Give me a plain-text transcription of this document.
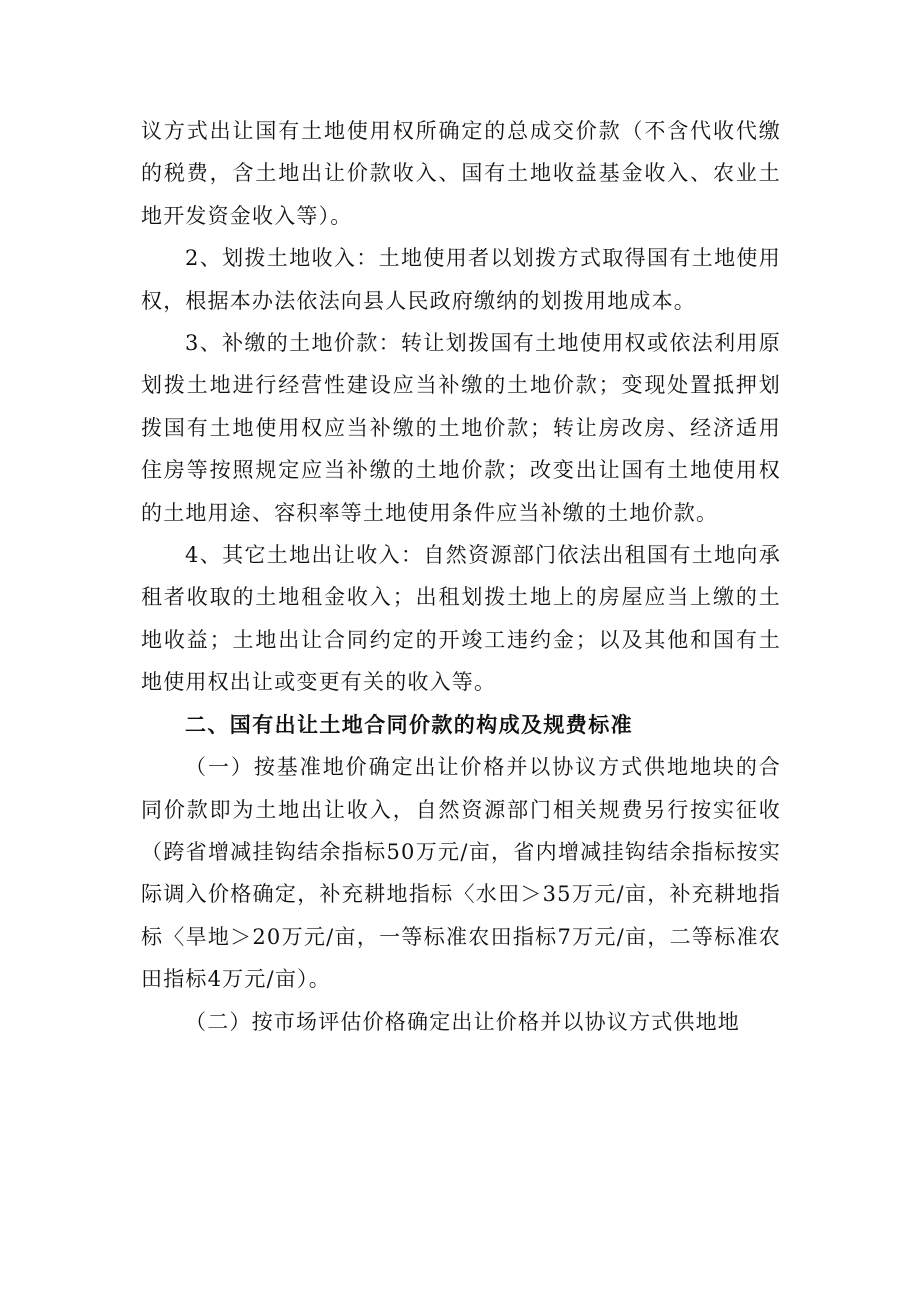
议方式出让国有土地使用权所确定的总成交价款（不含代收代缴的税费，含土地出让价款收入、国有土地收益基金收入、农业土地开发资金收入等）。

2、划拨土地收入：土地使用者以划拨方式取得国有土地使用权，根据本办法依法向县人民政府缴纳的划拨用地成本。

3、补缴的土地价款：转让划拨国有土地使用权或依法利用原划拨土地进行经营性建设应当补缴的土地价款；变现处置抵押划拨国有土地使用权应当补缴的土地价款；转让房改房、经济适用住房等按照规定应当补缴的土地价款；改变出让国有土地使用权的土地用途、容积率等土地使用条件应当补缴的土地价款。

4、其它土地出让收入：自然资源部门依法出租国有土地向承租者收取的土地租金收入；出租划拨土地上的房屋应当上缴的土地收益；土地出让合同约定的开竣工违约金；以及其他和国有土地使用权出让或变更有关的收入等。

二、国有出让土地合同价款的构成及规费标准

（一）按基准地价确定出让价格并以协议方式供地地块的合同价款即为土地出让收入，自然资源部门相关规费另行按实征收（跨省增减挂钩结余指标50万元/亩，省内增减挂钩结余指标按实际调入价格确定，补充耕地指标〈水田＞35万元/亩，补充耕地指标〈旱地＞20万元/亩，一等标准农田指标7万元/亩，二等标准农田指标4万元/亩）。

（二）按市场评估价格确定出让价格并以协议方式供地地
